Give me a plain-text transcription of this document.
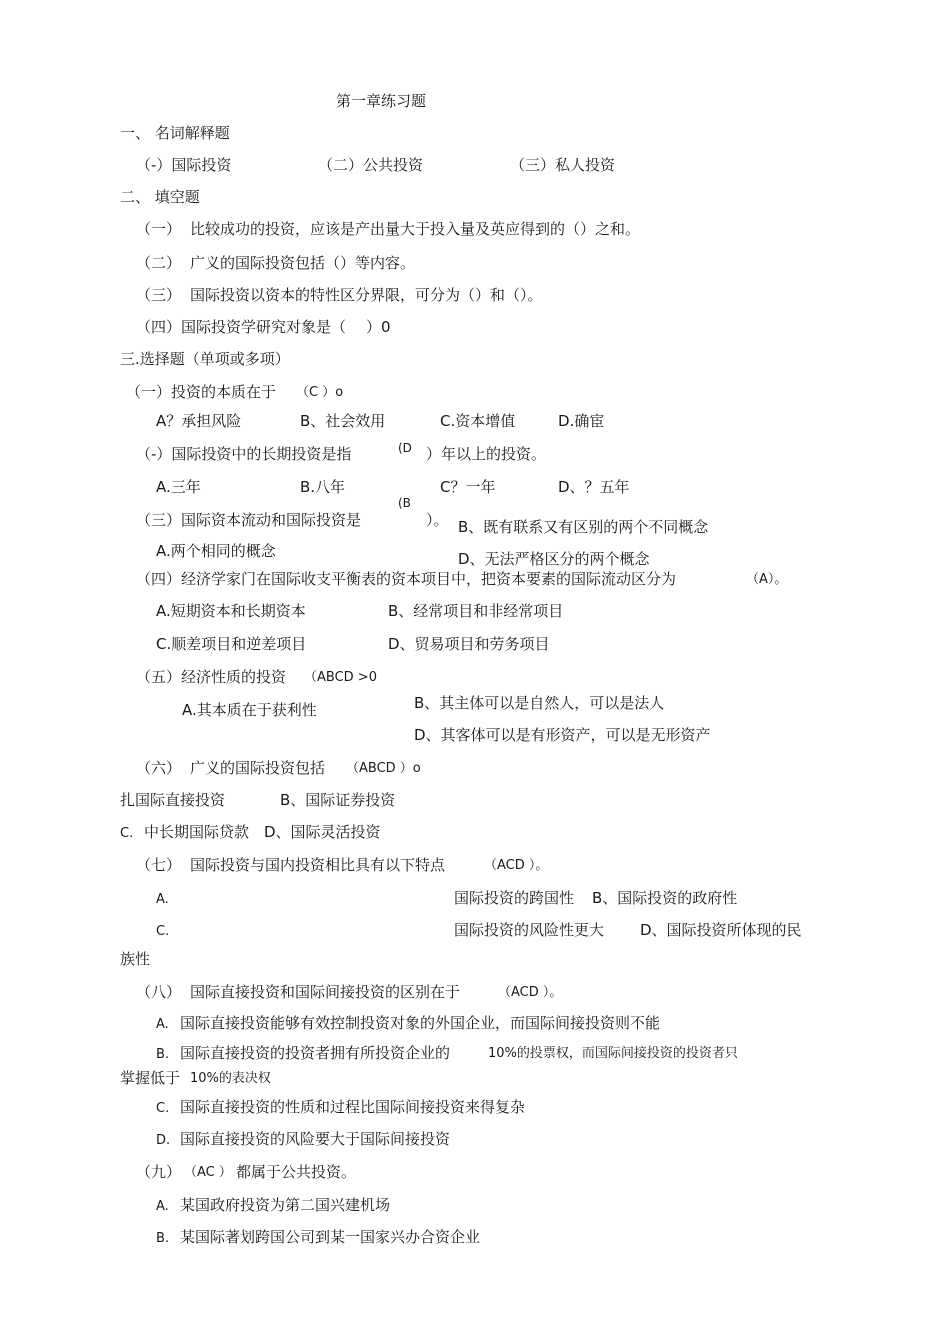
第一章练习题
一、 名词解释题
（-）国际投资	（二）公共投资	（三）私人投资
二、 填空题
（一） 比较成功的投资，应该是产出量大于投入量及英应得到的（）之和。
（二） 广义的国际投资包括（）等内容。
（三） 国际投资以资本的特性区分界限，可分为（）和（）。
（四）国际投资学研究对象是（ ）0
三.选择题（单项或多项）
（一）投资的本质在于 （C ）o
A？承担风险	B、社会效用	C.资本增值	D.确宦
（-）国际投资中的长期投资是指	(D ）年以上的投资。
A.三年	B.八年	C？一年	D、？五年
（三）国际资本流动和国际投资是
(B
）。 B、既有联系又有区别的两个不同概念
A.两个相同的概念	D、无法严格区分的两个概念
（四）经济学家门在国际收支平衡表的资本项目中，把资本要素的国际流动区分为	（A）。
A.短期资本和长期资本	B、经常项目和非经常项目
C.顺差项目和逆差项目	D、贸易项目和劳务项目
（五）经济性质的投资 （ABCD >0
B、其主体可以是自然人，可以是法人
A.其本质在于获利性
D、其客体可以是有形资产，可以是无形资产
（六） 广义的国际投资包括 （ABCD ）o
扎国际直接投资	B、国际证券投资
C. 中长期国际贷款 D、国际灵活投资
（七） 国际投资与国内投资相比具有以下特点	（ACD ）。
A.	国际投资的跨国性 B、国际投资的政府性
C.	国际投资的风险性更大 D、国际投资所体现的民
族性
（八） 国际直接投资和国际间接投资的区别在于	（ACD ）。
A. 国际直接投资能够有效控制投资对象的外国企业，而国际间接投资则不能
B. 国际直接投资的投资者拥有所投资企业的	10%的投票权，而国际间接投资的投资者只
掌握低于 10%的表决权
C. 国际直接投资的性质和过程比国际间接投资来得复杂
D. 国际直接投资的风险要大于国际间接投资
（九） （AC ） 都属于公共投资。
A. 某国政府投资为第二国兴建机场
B. 某国际著划跨国公司到某一国家兴办合资企业
